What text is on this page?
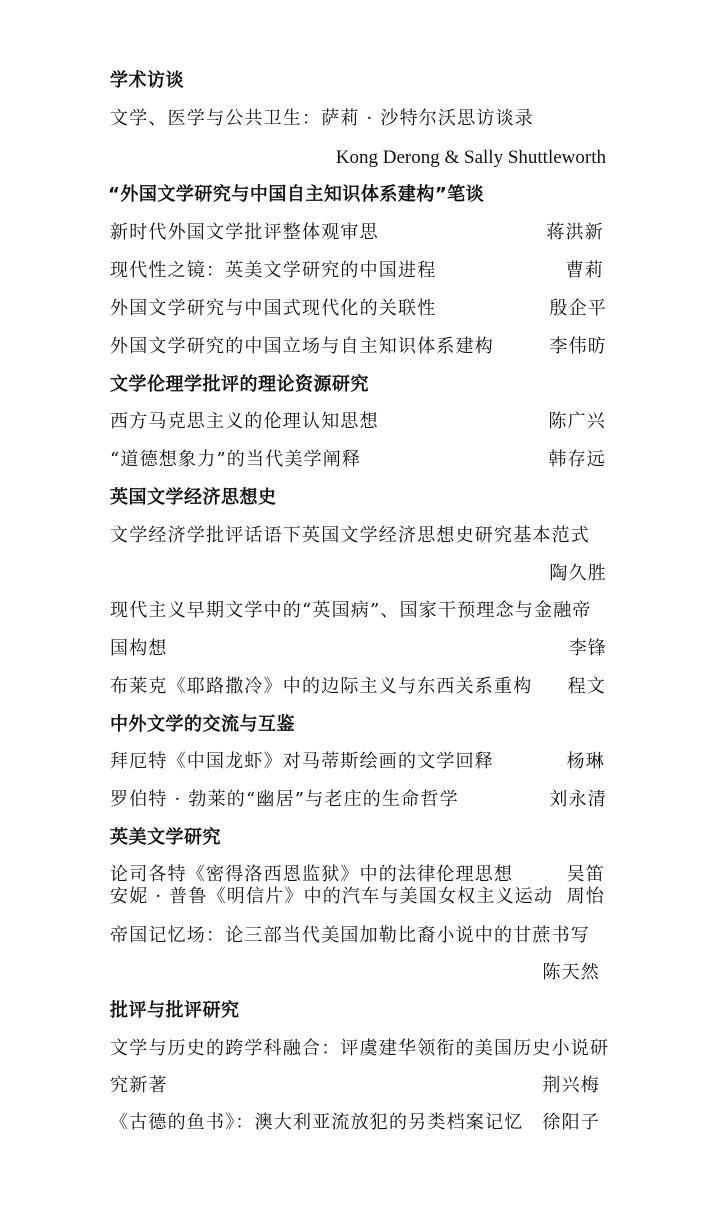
学术访谈
文学、医学与公共卫生：萨莉 · 沙特尔沃思访谈录
Kong Derong & Sally Shuttleworth
“外国文学研究与中国自主知识体系建构”笔谈
新时代外国文学批评整体观审思	蒋洪新
现代性之镜：英美文学研究的中国进程	曹莉
外国文学研究与中国式现代化的关联性	殷企平
外国文学研究的中国立场与自主知识体系建构	李伟昉
文学伦理学批评的理论资源研究
西方马克思主义的伦理认知思想	陈广兴
“道德想象力”的当代美学阐释	韩存远
英国文学经济思想史
文学经济学批评话语下英国文学经济思想史研究基本范式
陶久胜
现代主义早期文学中的“英国病”、国家干预理念与金融帝
国构想	李锋
布莱克《耶路撒冷》中的边际主义与东西关系重构 程文
中外文学的交流与互鉴
拜厄特《中国龙虾》对马蒂斯绘画的文学回释	杨琳
罗伯特 · 勃莱的“幽居”与老庄的生命哲学	刘永清
英美文学研究
论司各特《密得洛西恩监狱》中的法律伦理思想	吴笛
安妮 · 普鲁《明信片》中的汽车与美国女权主义运动 周怡
帝国记忆场：论三部当代美国加勒比裔小说中的甘蔗书写
陈天然
批评与批评研究
文学与历史的跨学科融合：评虞建华领衔的美国历史小说研
究新著	荆兴梅
《古德的鱼书》：澳大利亚流放犯的另类档案记忆 徐阳子
